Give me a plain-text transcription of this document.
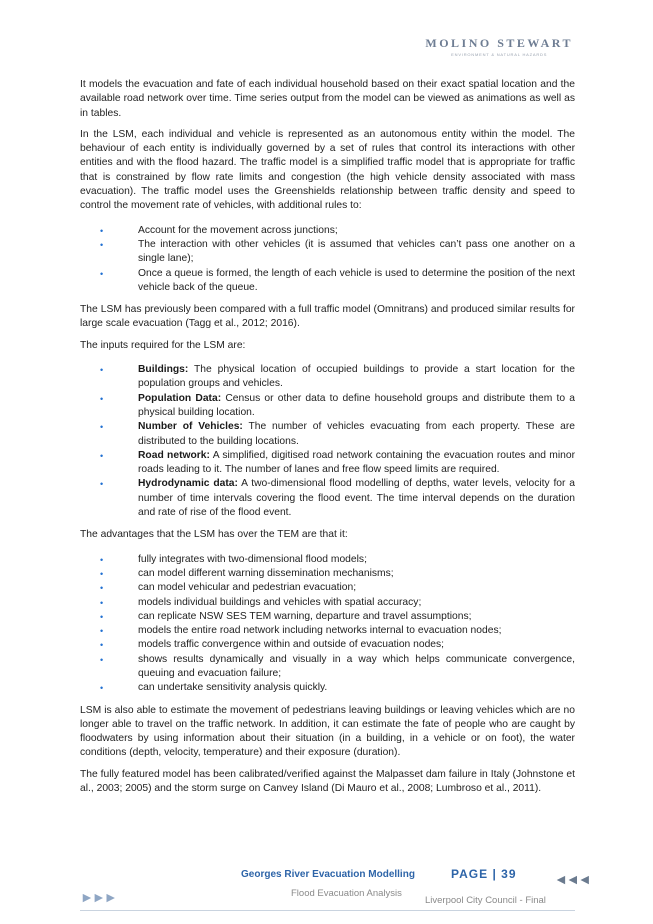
MOLINO STEWART
ENVIRONMENT & NATURAL HAZARDS

It models the evacuation and fate of each individual household based on their exact spatial location and the available road network over time. Time series output from the model can be viewed as animations as well as in tables.

In the LSM, each individual and vehicle is represented as an autonomous entity within the model. The behaviour of each entity is individually governed by a set of rules that control its interactions with other entities and with the flood hazard. The traffic model is a simplified traffic model that is appropriate for traffic that is constrained by flow rate limits and congestion (the high vehicle density associated with mass evacuation). The traffic model uses the Greenshields relationship between traffic density and speed to control the movement rate of vehicles, with additional rules to:

•	Account for the movement across junctions;
•	The interaction with other vehicles (it is assumed that vehicles can’t pass one another on a single lane);
•	Once a queue is formed, the length of each vehicle is used to determine the position of the next vehicle back of the queue.

The LSM has previously been compared with a full traffic model (Omnitrans) and produced similar results for large scale evacuation (Tagg et al., 2012; 2016).

The inputs required for the LSM are:

•	Buildings: The physical location of occupied buildings to provide a start location for the population groups and vehicles.
•	Population Data: Census or other data to define household groups and distribute them to a physical building location.
•	Number of Vehicles: The number of vehicles evacuating from each property. These are distributed to the building locations.
•	Road network: A simplified, digitised road network containing the evacuation routes and minor roads leading to it. The number of lanes and free flow speed limits are required.
•	Hydrodynamic data: A two-dimensional flood modelling of depths, water levels, velocity for a number of time intervals covering the flood event. The time interval depends on the duration and rate of rise of the flood event.

The advantages that the LSM has over the TEM are that it:

•	fully integrates with two-dimensional flood models;
•	can model different warning dissemination mechanisms;
•	can model vehicular and pedestrian evacuation;
•	models individual buildings and vehicles with spatial accuracy;
•	can replicate NSW SES TEM warning, departure and travel assumptions;
•	models the entire road network including networks internal to evacuation nodes;
•	models traffic convergence within and outside of evacuation nodes;
•	shows results dynamically and visually in a way which helps communicate convergence, queuing and evacuation failure;
•	can undertake sensitivity analysis quickly.

LSM is also able to estimate the movement of pedestrians leaving buildings or leaving vehicles which are no longer able to travel on the traffic network. In addition, it can estimate the fate of people who are caught by floodwaters by using information about their situation (in a building, in a vehicle or on foot), the water conditions (depth, velocity, temperature) and their exposure (duration).

The fully featured model has been calibrated/verified against the Malpasset dam failure in Italy (Johnstone et al., 2003; 2005) and the storm surge on Canvey Island (Di Mauro et al., 2008; Lumbroso et al., 2011).

Georges River Evacuation Modelling	PAGE | 39	◄◄◄
Flood Evacuation Analysis
►►►	Liverpool City Council - Final
